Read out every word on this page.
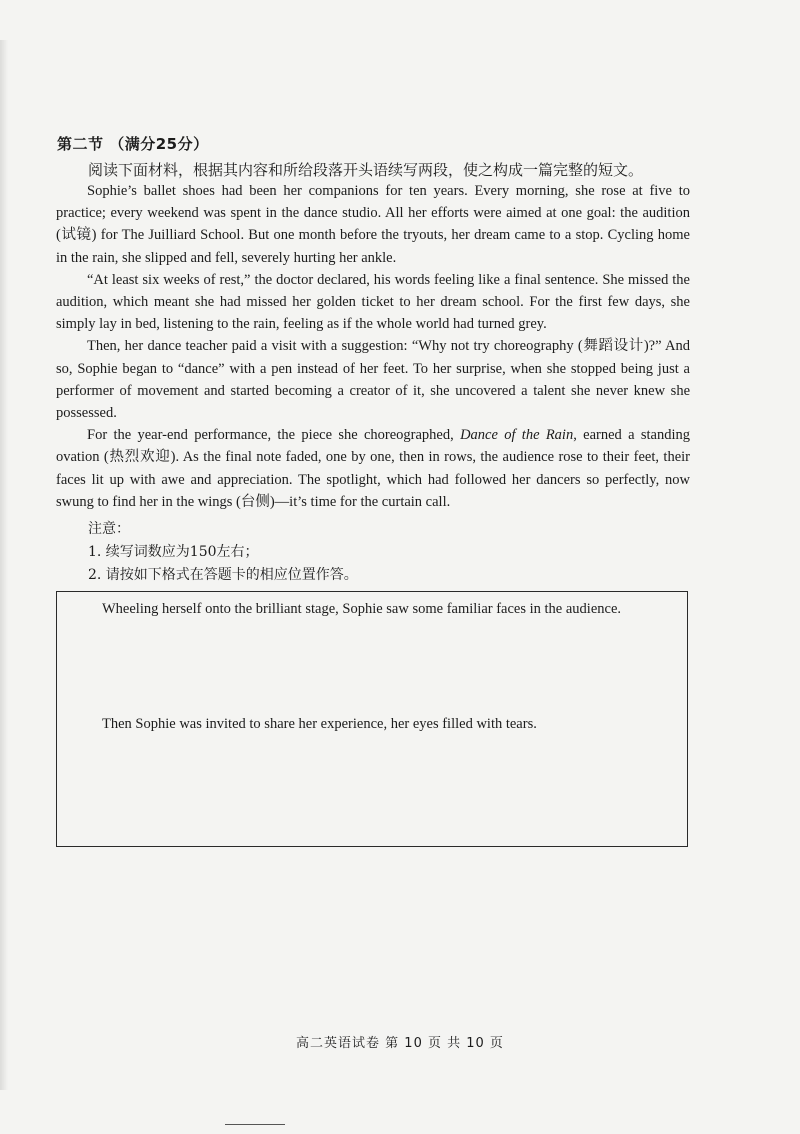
第二节 （满分25分）
阅读下面材料，根据其内容和所给段落开头语续写两段，使之构成一篇完整的短文。

Sophie’s ballet shoes had been her companions for ten years. Every morning, she rose at five to practice; every weekend was spent in the dance studio. All her efforts were aimed at one goal: the audition (试镜) for The Juilliard School. But one month before the tryouts, her dream came to a stop. Cycling home in the rain, she slipped and fell, severely hurting her ankle.

“At least six weeks of rest,” the doctor declared, his words feeling like a final sentence. She missed the audition, which meant she had missed her golden ticket to her dream school. For the first few days, she simply lay in bed, listening to the rain, feeling as if the whole world had turned grey.

Then, her dance teacher paid a visit with a suggestion: “Why not try choreography (舞蹈设计)?” And so, Sophie began to “dance” with a pen instead of her feet. To her surprise, when she stopped being just a performer of movement and started becoming a creator of it, she uncovered a talent she never knew she possessed.

For the year-end performance, the piece she choreographed, Dance of the Rain, earned a standing ovation (热烈欢迎). As the final note faded, one by one, then in rows, the audience rose to their feet, their faces lit up with awe and appreciation. The spotlight, which had followed her dancers so perfectly, now swung to find her in the wings (台侧)—it’s time for the curtain call.

注意：
1. 续写词数应为150左右；
2. 请按如下格式在答题卡的相应位置作答。
Wheeling herself onto the brilliant stage, Sophie saw some familiar faces in the audience.
Then Sophie was invited to share her experience, her eyes filled with tears.
高二英语试卷 第 10 页 共 10 页
